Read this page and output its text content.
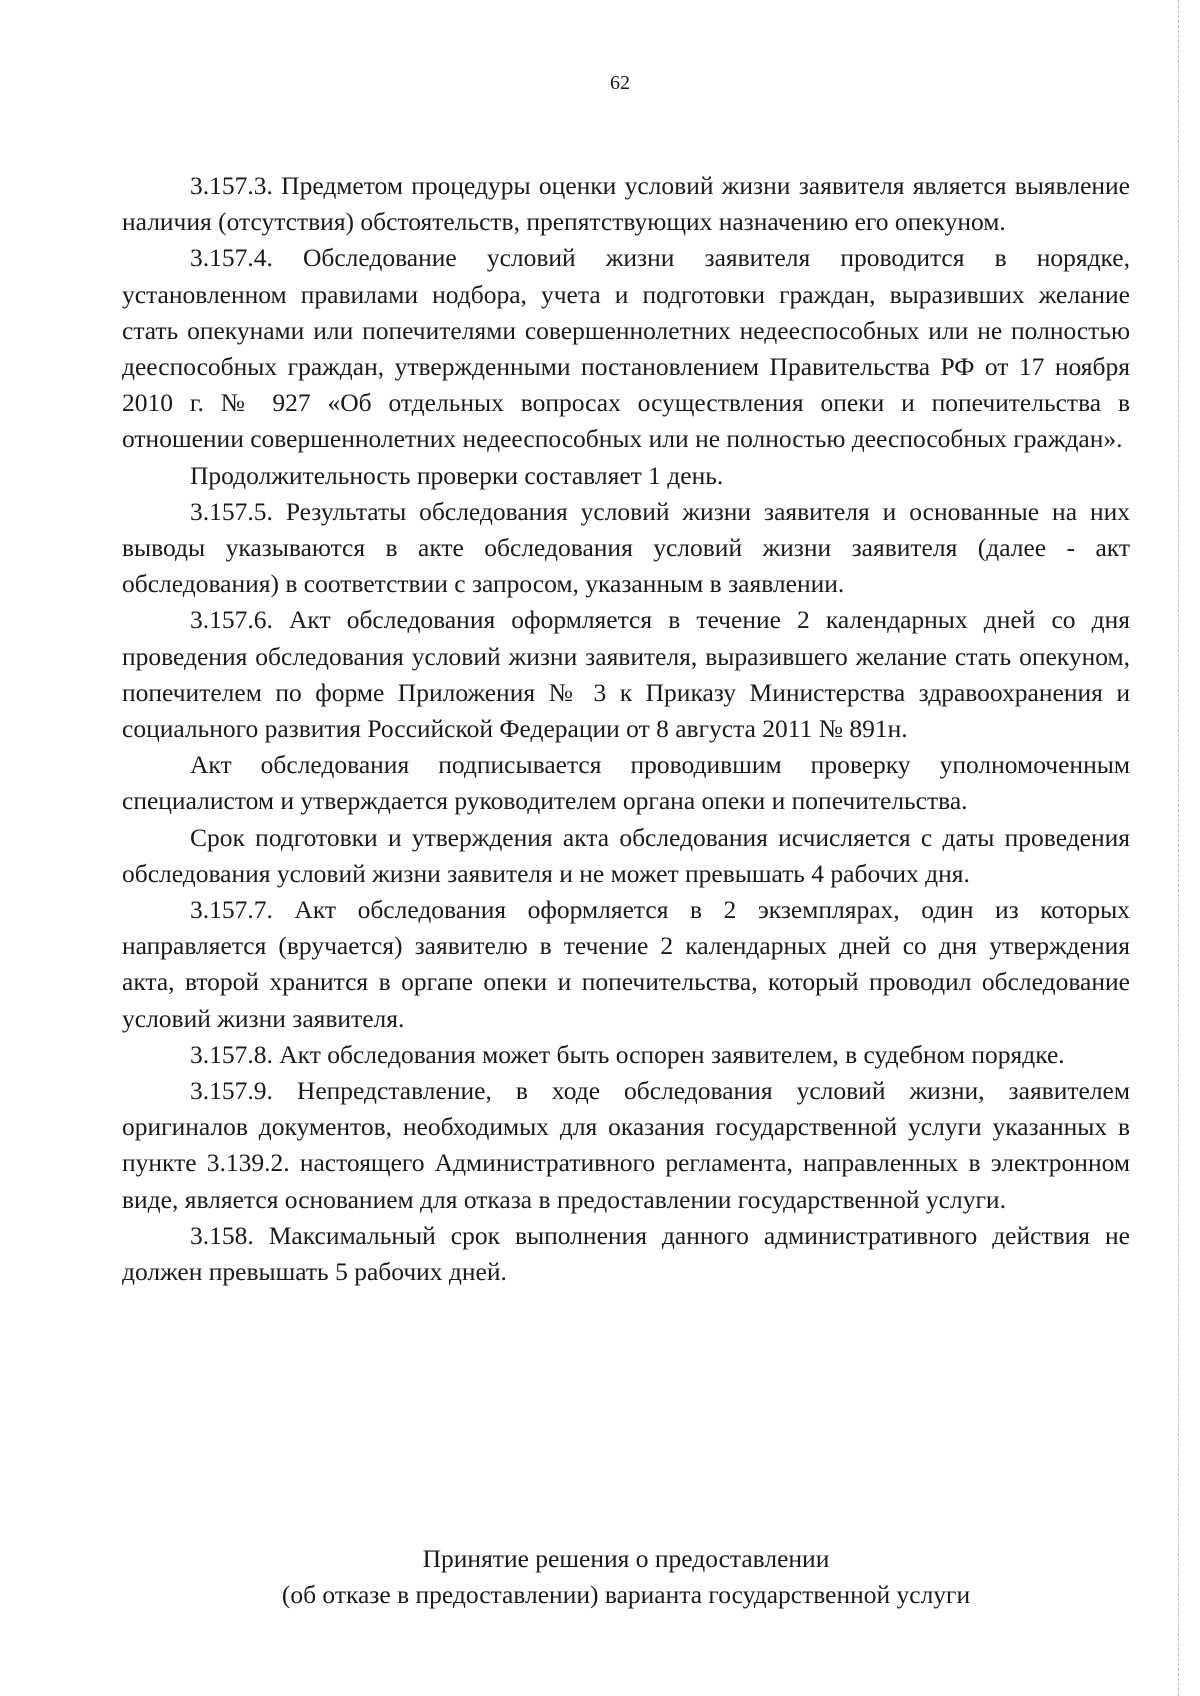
62

3.157.3. Предметом процедуры оценки условий жизни заявителя является выявление наличия (отсутствия) обстоятельств, препятствующих назначению его опекуном.

3.157.4. Обследование условий жизни заявителя проводится в норядке, установленном правилами нодбора, учета и подготовки граждан, выразивших желание стать опекунами или попечителями совершеннолетних недееспособных или не полностью дееспособных граждан, утвержденными постановлением Правительства РФ от 17 ноября 2010 г. № 927 «Об отдельных вопросах осуществления опеки и попечительства в отношении совершеннолетних недееспособных или не полностью дееспособных граждан».

Продолжительность проверки составляет 1 день.

3.157.5. Результаты обследования условий жизни заявителя и основанные на них выводы указываются в акте обследования условий жизни заявителя (далее - акт обследования) в соответствии с запросом, указанным в заявлении.

3.157.6. Акт обследования оформляется в течение 2 календарных дней со дня проведения обследования условий жизни заявителя, выразившего желание стать опекуном, попечителем по форме Приложения № 3 к Приказу Министерства здравоохранения и социального развития Российской Федерации от 8 августа 2011 № 891н.

Акт обследования подписывается проводившим проверку уполномоченным специалистом и утверждается руководителем органа опеки и попечительства.

Срок подготовки и утверждения акта обследования исчисляется с даты проведения обследования условий жизни заявителя и не может превышать 4 рабочих дня.

3.157.7. Акт обследования оформляется в 2 экземплярах, один из которых направляется (вручается) заявителю в течение 2 календарных дней со дня утверждения акта, второй хранится в оргапе опеки и попечительства, который проводил обследование условий жизни заявителя.

3.157.8. Акт обследования может быть оспорен заявителем, в судебном порядке.

3.157.9. Непредставление, в ходе обследования условий жизни, заявителем оригиналов документов, необходимых для оказания государственной услуги указанных в пункте 3.139.2. настоящего Административного регламента, направленных в электронном виде, является основанием для отказа в предоставлении государственной услуги.

3.158. Максимальный срок выполнения данного административного действия не должен превышать 5 рабочих дней.

Принятие решения о предоставлении
(об отказе в предоставлении) варианта государственной услуги
